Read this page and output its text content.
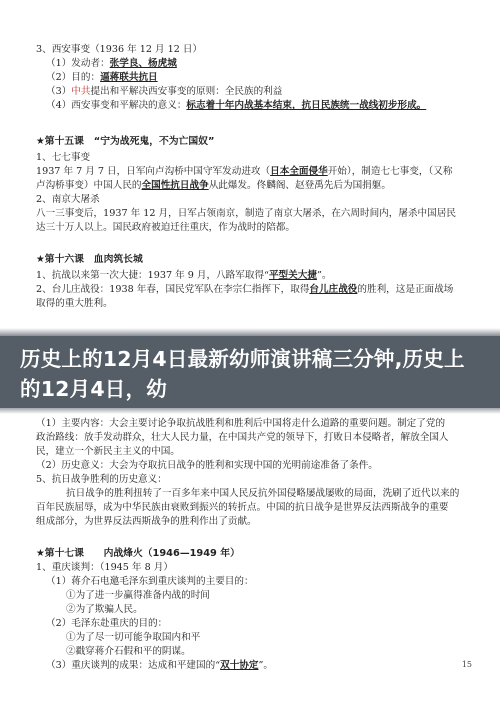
3、西安事变（1936 年 12 月 12 日）
（1）发动者：张学良、杨虎城
（2）目的：逼蒋联共抗日
（3）中共提出和平解决西安事变的原则：全民族的利益
（4）西安事变和平解决的意义：标志着十年内战基本结束，抗日民族统一战线初步形成。
★第十五课　“宁为战死鬼，不为亡国奴”
1、七七事变
1937 年 7 月 7 日，日军向卢沟桥中国守军发动进攻（日本全面侵华开始），制造七七事变，（又称
卢沟桥事变）中国人民的全国性抗日战争从此爆发。佟麟阁、赵登禹先后为国捐躯。
2、南京大屠杀
八一三事变后，1937 年 12 月，日军占领南京，制造了南京大屠杀，在六周时间内，屠杀中国居民
达三十万人以上。国民政府被迫迁往重庆，作为战时的陪都。
★第十六课　血肉筑长城
1、抗战以来第一次大捷：1937 年 9 月，八路军取得“平型关大捷”。
2、台儿庄战役：1938 年春，国民党军队在李宗仁指挥下，取得台儿庄战役的胜利，这是正面战场
取得的重大胜利。
（1）主要内容：大会主要讨论争取抗战胜利和胜利后中国将走什么道路的重要问题。制定了党的
政治路线：放手发动群众，壮大人民力量，在中国共产党的领导下，打败日本侵略者，解放全国人
民，建立一个新民主主义的中国。
（2）历史意义：大会为夺取抗日战争的胜利和实现中国的光明前途准备了条件。
5、抗日战争胜利的历史意义：
抗日战争的胜利扭转了一百多年来中国人民反抗外国侵略屡战屡败的局面，洗刷了近代以来的
百年民族屈辱，成为中华民族由衰败到振兴的转折点。中国的抗日战争是世界反法西斯战争的重要
组成部分，为世界反法西斯战争的胜利作出了贡献。
★第十七课　　内战烽火（1946—1949 年）
1、重庆谈判：（1945 年 8 月）
（1）蒋介石电邀毛泽东到重庆谈判的主要目的：
①为了进一步赢得准备内战的时间
②为了欺骗人民。
（2）毛泽东赴重庆的目的：
①为了尽一切可能争取国内和平
②戳穿蒋介石假和平的阴谋。
（3）重庆谈判的成果：达成和平建国的“双十协定”。	15
历史上的12月4日最新幼师演讲稿三分钟,历史上的12月4日，幼
